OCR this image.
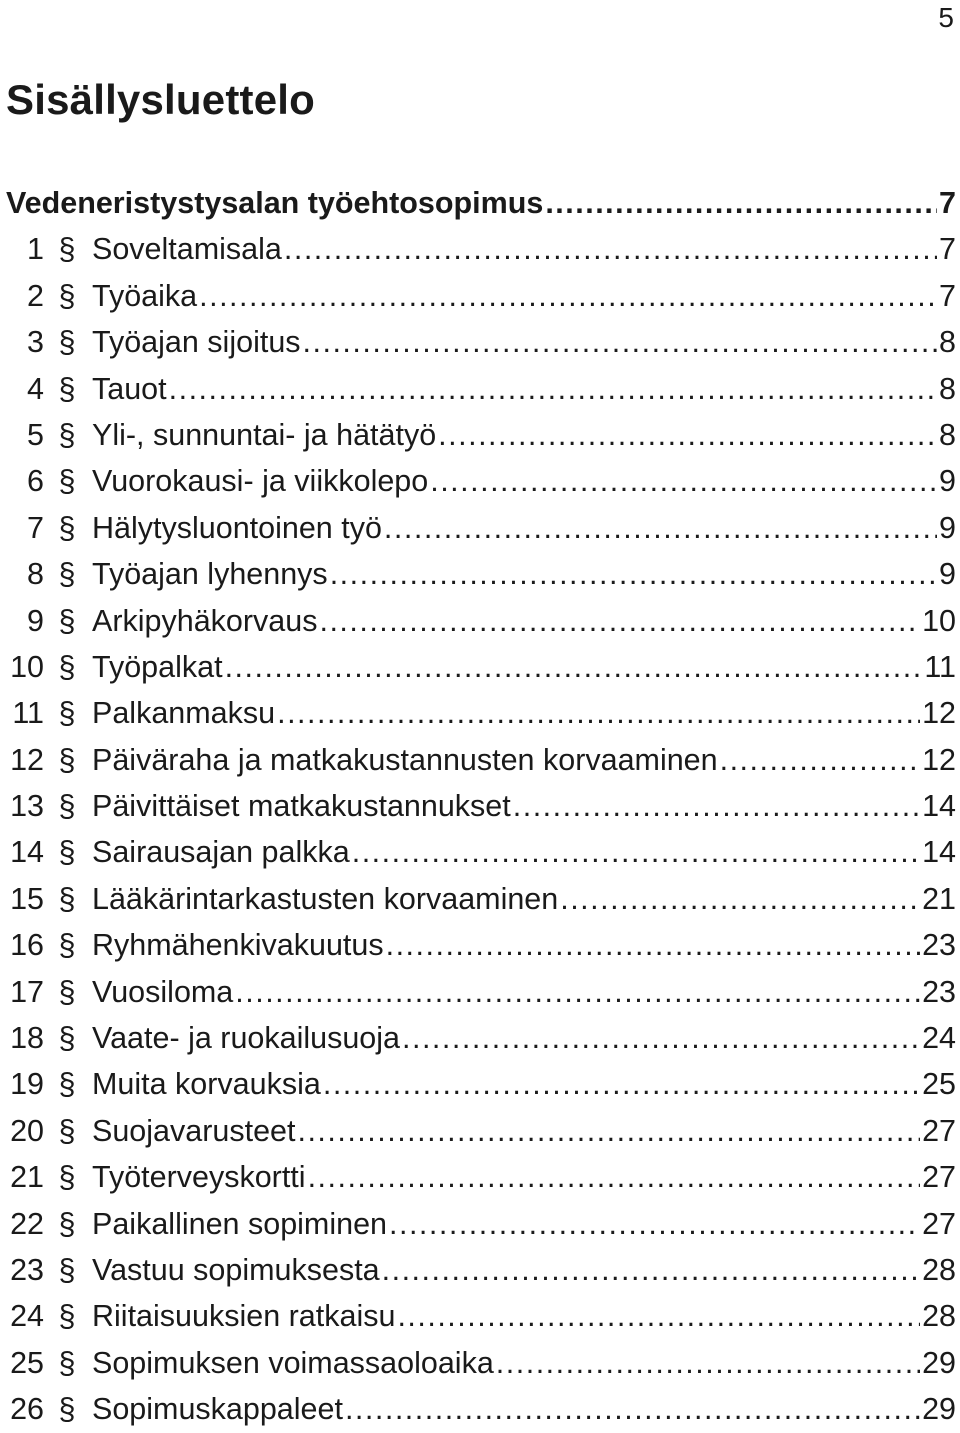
5
Sisällysluettelo
Vedeneristystysalan työehtosopimus .....	7
1 § Soveltamisala .....	7
2 § Työaika .....	7
3 § Työajan sijoitus .....	8
4 § Tauot .....	8
5 § Yli-, sunnuntai- ja hätätyö .....	8
6 § Vuorokausi- ja viikkolepo .....	9
7 § Hälytysluontoinen työ .....	9
8 § Työajan lyhennys .....	9
9 § Arkipyhäkorvaus .....	10
10 § Työpalkat .....	11
11 § Palkanmaksu .....	12
12 § Päiväraha ja matkakustannusten korvaaminen .....	12
13 § Päivittäiset matkakustannukset .....	14
14 § Sairausajan palkka .....	14
15 § Lääkärintarkastusten korvaaminen .....	21
16 § Ryhmähenkivakuutus .....	23
17 § Vuosiloma .....	23
18 § Vaate- ja ruokailusuoja .....	24
19 § Muita korvauksia .....	25
20 § Suojavarusteet .....	27
21 § Työterveyskortti .....	27
22 § Paikallinen sopiminen .....	27
23 § Vastuu sopimuksesta .....	28
24 § Riitaisuuksien ratkaisu .....	28
25 § Sopimuksen voimassaoloaika .....	29
26 § Sopimuskappaleet .....	29
